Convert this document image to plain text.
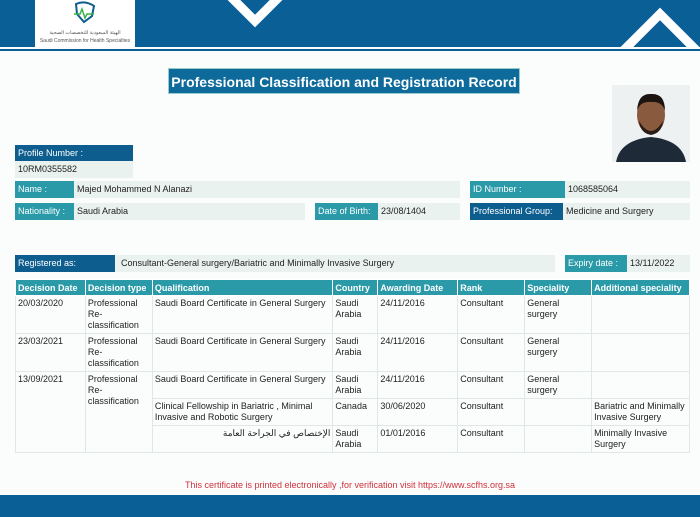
الهيئة السعودية للتخصصات الصحية
Saudi Commission for Health Specialties
Professional Classification and Registration Record
Profile Number :
10RM0355582
Name :	Majed Mohammed N Alanazi	ID Number :	1068585064
Nationality :	Saudi Arabia	Date of Birth:	23/08/1404	Professional Group:	Medicine and Surgery
Registered as:	Consultant-General surgery/Bariatric and Minimally Invasive Surgery	Expiry date :	13/11/2022
Decision Date	Decision type	Qualification	Country	Awarding Date	Rank	Speciality	Additional speciality
20/03/2020	Professional Re-classification	Saudi Board Certificate in General Surgery	Saudi Arabia	24/11/2016	Consultant	General surgery	
23/03/2021	Professional Re-classification	Saudi Board Certificate in General Surgery	Saudi Arabia	24/11/2016	Consultant	General surgery	
13/09/2021	Professional Re-classification	Saudi Board Certificate in General Surgery	Saudi Arabia	24/11/2016	Consultant	General surgery	
		Clinical Fellowship in Bariatric , Minimal Invasive and Robotic Surgery	Canada	30/06/2020	Consultant		Bariatric and Minimally Invasive Surgery
		الإختصاص في الجراحة العامة	Saudi Arabia	01/01/2016	Consultant		Minimally Invasive Surgery
This certificate is printed electronically ,for verification visit https://www.scfhs.org.sa
